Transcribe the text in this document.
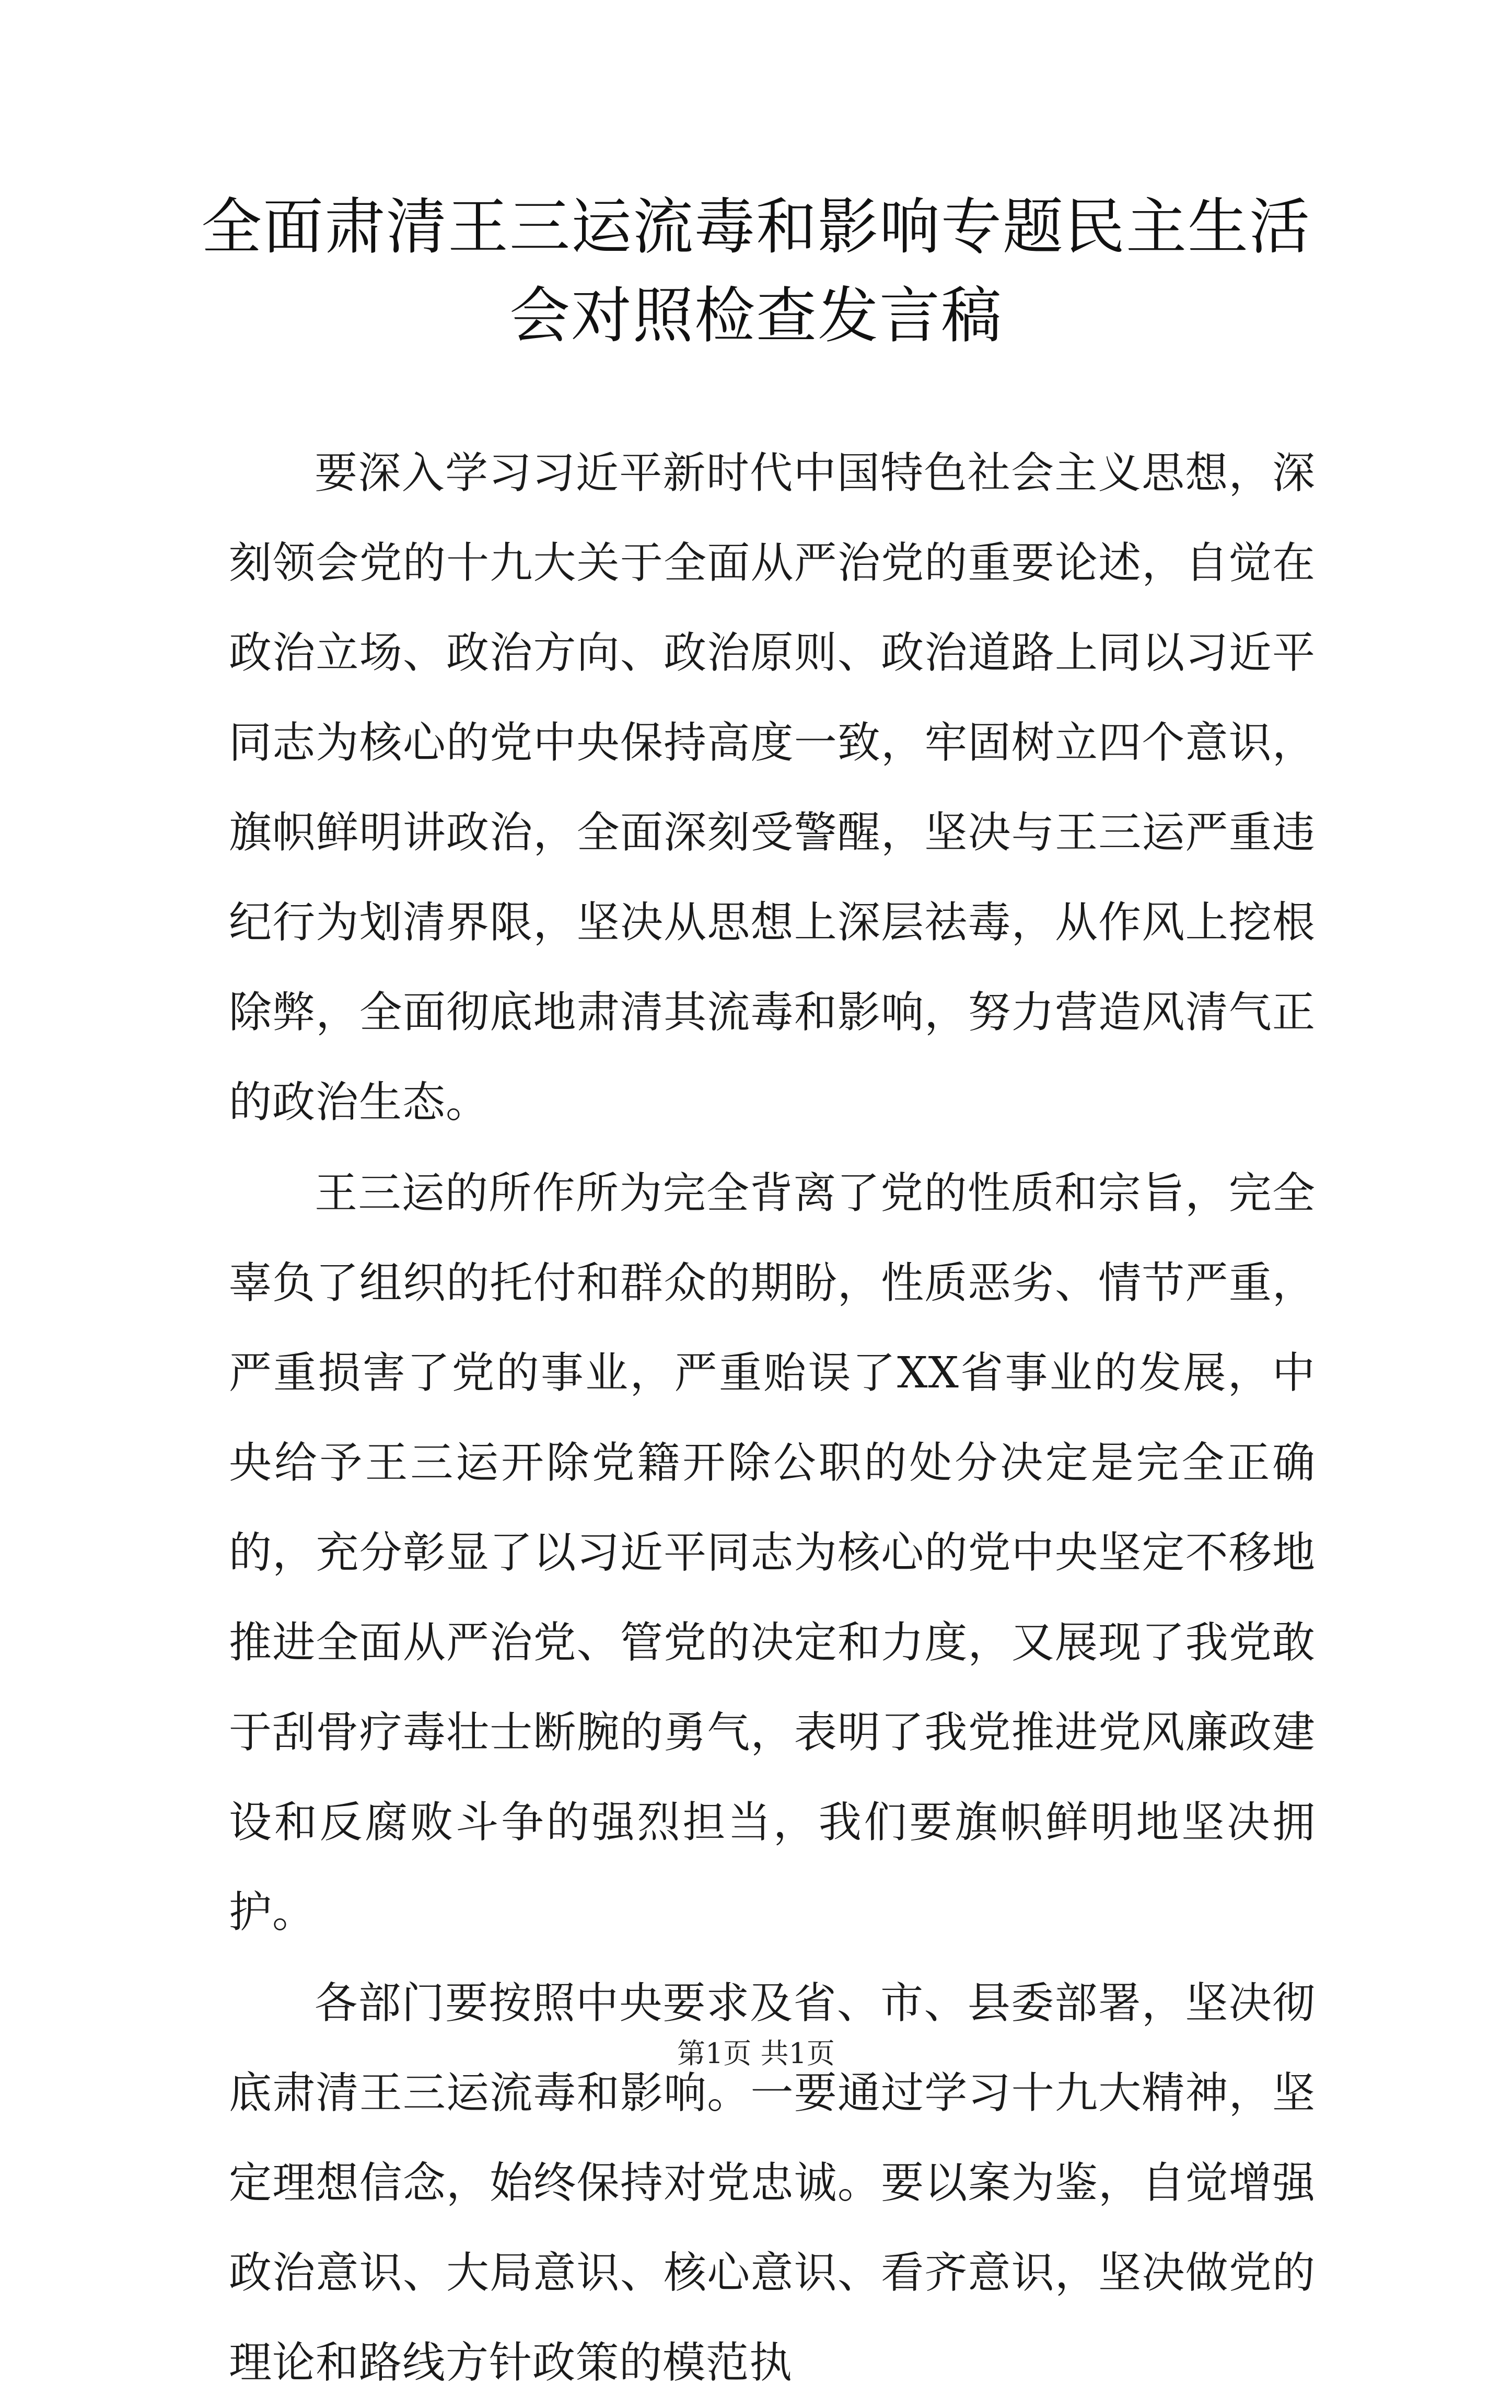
全面肃清王三运流毒和影响专题民主生活会对照检查发言稿

要深入学习习近平新时代中国特色社会主义思想，深刻领会党的十九大关于全面从严治党的重要论述，自觉在政治立场、政治方向、政治原则、政治道路上同以习近平同志为核心的党中央保持高度一致，牢固树立四个意识，旗帜鲜明讲政治，全面深刻受警醒，坚决与王三运严重违纪行为划清界限，坚决从思想上深层祛毒，从作风上挖根除弊，全面彻底地肃清其流毒和影响，努力营造风清气正的政治生态。

王三运的所作所为完全背离了党的性质和宗旨，完全辜负了组织的托付和群众的期盼，性质恶劣、情节严重，严重损害了党的事业，严重贻误了XX省事业的发展，中央给予王三运开除党籍开除公职的处分决定是完全正确的，充分彰显了以习近平同志为核心的党中央坚定不移地推进全面从严治党、管党的决定和力度，又展现了我党敢于刮骨疗毒壮士断腕的勇气，表明了我党推进党风廉政建设和反腐败斗争的强烈担当，我们要旗帜鲜明地坚决拥护。

各部门要按照中央要求及省、市、县委部署，坚决彻底肃清王三运流毒和影响。一要通过学习十九大精神，坚定理想信念，始终保持对党忠诚。要以案为鉴，自觉增强政治意识、大局意识、核心意识、看齐意识，坚决做党的理论和路线方针政策的模范执

第1页 共1页
